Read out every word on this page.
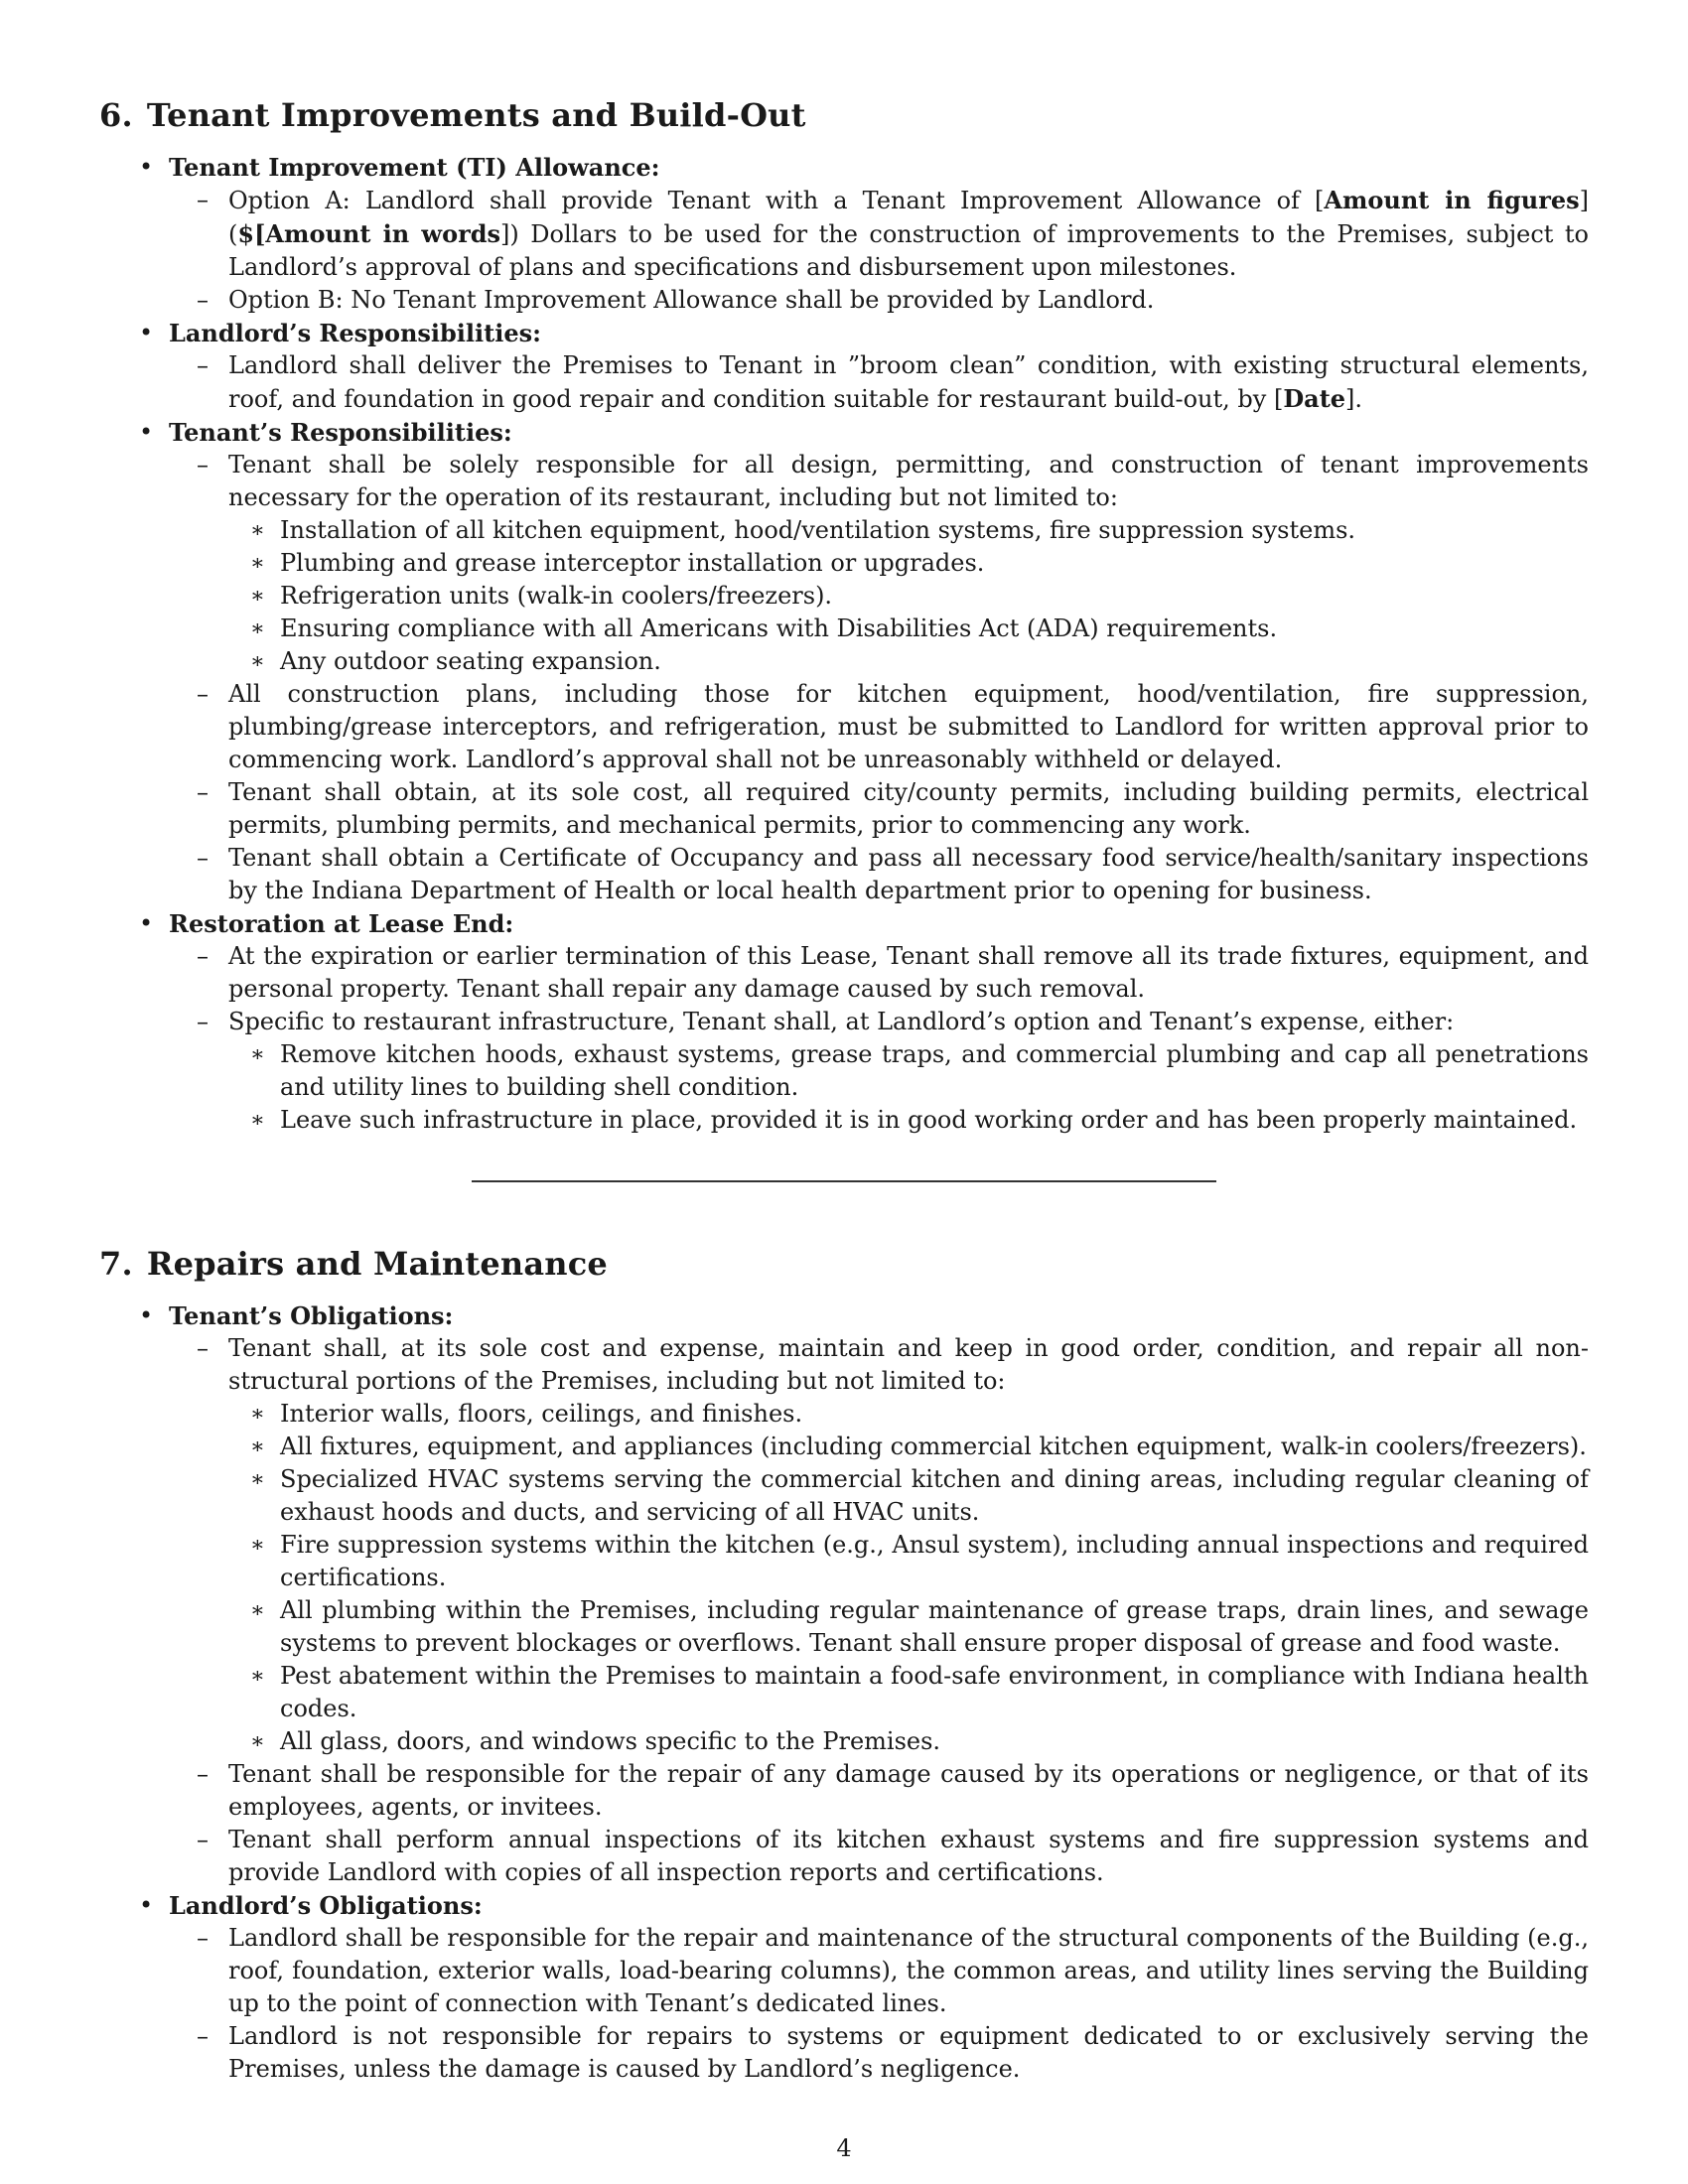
6. Tenant Improvements and Build-Out
• Tenant Improvement (TI) Allowance:
– Option A: Landlord shall provide Tenant with a Tenant Improvement Allowance of [Amount in figures] ($[Amount in words]) Dollars to be used for the construction of improvements to the Premises, subject to Landlord’s approval of plans and specifications and disbursement upon milestones.
– Option B: No Tenant Improvement Allowance shall be provided by Landlord.
• Landlord’s Responsibilities:
– Landlord shall deliver the Premises to Tenant in ”broom clean” condition, with existing structural elements, roof, and foundation in good repair and condition suitable for restaurant build-out, by [Date].
• Tenant’s Responsibilities:
– Tenant shall be solely responsible for all design, permitting, and construction of tenant improvements necessary for the operation of its restaurant, including but not limited to:
∗ Installation of all kitchen equipment, hood/ventilation systems, fire suppression systems.
∗ Plumbing and grease interceptor installation or upgrades.
∗ Refrigeration units (walk-in coolers/freezers).
∗ Ensuring compliance with all Americans with Disabilities Act (ADA) requirements.
∗ Any outdoor seating expansion.
– All construction plans, including those for kitchen equipment, hood/ventilation, fire suppression, plumbing/grease interceptors, and refrigeration, must be submitted to Landlord for written approval prior to commencing work. Landlord’s approval shall not be unreasonably withheld or delayed.
– Tenant shall obtain, at its sole cost, all required city/county permits, including building permits, electrical permits, plumbing permits, and mechanical permits, prior to commencing any work.
– Tenant shall obtain a Certificate of Occupancy and pass all necessary food service/health/sanitary inspections by the Indiana Department of Health or local health department prior to opening for business.
• Restoration at Lease End:
– At the expiration or earlier termination of this Lease, Tenant shall remove all its trade fixtures, equipment, and personal property. Tenant shall repair any damage caused by such removal.
– Specific to restaurant infrastructure, Tenant shall, at Landlord’s option and Tenant’s expense, either:
∗ Remove kitchen hoods, exhaust systems, grease traps, and commercial plumbing and cap all penetrations and utility lines to building shell condition.
∗ Leave such infrastructure in place, provided it is in good working order and has been properly maintained.
7. Repairs and Maintenance
• Tenant’s Obligations:
– Tenant shall, at its sole cost and expense, maintain and keep in good order, condition, and repair all non-structural portions of the Premises, including but not limited to:
∗ Interior walls, floors, ceilings, and finishes.
∗ All fixtures, equipment, and appliances (including commercial kitchen equipment, walk-in coolers/freezers).
∗ Specialized HVAC systems serving the commercial kitchen and dining areas, including regular cleaning of exhaust hoods and ducts, and servicing of all HVAC units.
∗ Fire suppression systems within the kitchen (e.g., Ansul system), including annual inspections and required certifications.
∗ All plumbing within the Premises, including regular maintenance of grease traps, drain lines, and sewage systems to prevent blockages or overflows. Tenant shall ensure proper disposal of grease and food waste.
∗ Pest abatement within the Premises to maintain a food-safe environment, in compliance with Indiana health codes.
∗ All glass, doors, and windows specific to the Premises.
– Tenant shall be responsible for the repair of any damage caused by its operations or negligence, or that of its employees, agents, or invitees.
– Tenant shall perform annual inspections of its kitchen exhaust systems and fire suppression systems and provide Landlord with copies of all inspection reports and certifications.
• Landlord’s Obligations:
– Landlord shall be responsible for the repair and maintenance of the structural components of the Building (e.g., roof, foundation, exterior walls, load-bearing columns), the common areas, and utility lines serving the Building up to the point of connection with Tenant’s dedicated lines.
– Landlord is not responsible for repairs to systems or equipment dedicated to or exclusively serving the Premises, unless the damage is caused by Landlord’s negligence.
4
